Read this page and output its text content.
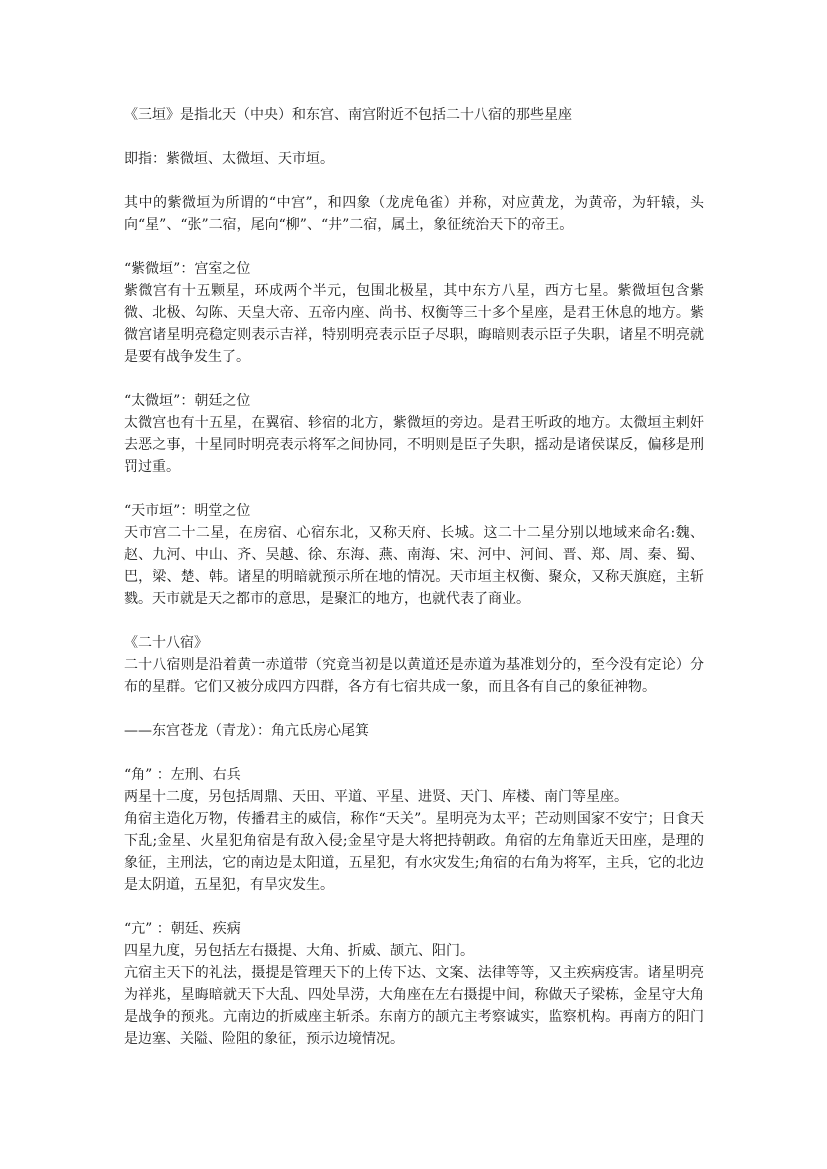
《三垣》是指北天（中央）和东宫、南宫附近不包括二十八宿的那些星座

即指：紫微垣、太微垣、天市垣。

其中的紫微垣为所谓的“中宫”，和四象（龙虎龟雀）并称，对应黄龙，为黄帝，为轩辕，头向“星”、“张”二宿，尾向“柳”、“井”二宿，属土，象征统治天下的帝王。

“紫微垣”：宫室之位
紫微宫有十五颗星，环成两个半元，包围北极星，其中东方八星，西方七星。紫微垣包含紫微、北极、勾陈、天皇大帝、五帝内座、尚书、权衡等三十多个星座，是君王休息的地方。紫微宫诸星明亮稳定则表示吉祥，特别明亮表示臣子尽职，晦暗则表示臣子失职，诸星不明亮就是要有战争发生了。
“太微垣”：朝廷之位
太微宫也有十五星，在翼宿、轸宿的北方，紫微垣的旁边。是君王听政的地方。太微垣主剌奸去恶之事，十星同时明亮表示将军之间协同，不明则是臣子失职，摇动是诸侯谋反，偏移是刑罚过重。
“天市垣”：明堂之位
天市宫二十二星，在房宿、心宿东北，又称天府、长城。这二十二星分别以地域来命名:魏、赵、九河、中山、齐、吴越、徐、东海、燕、南海、宋、河中、河间、晋、郑、周、秦、蜀、巴，梁、楚、韩。诸星的明暗就预示所在地的情况。天市垣主权衡、聚众，又称天旗庭，主斩戮。天市就是天之都市的意思，是聚汇的地方，也就代表了商业。
《二十八宿》
二十八宿则是沿着黄一赤道带（究竟当初是以黄道还是赤道为基准划分的，至今没有定论）分布的星群。它们又被分成四方四群，各方有七宿共成一象，而且各有自己的象征神物。

——东宫苍龙（青龙）：角亢氐房心尾箕

“角” ：左刑、右兵
两星十二度，另包括周鼎、天田、平道、平星、进贤、天门、库楼、南门等星座。
角宿主造化万物，传播君主的威信，称作“天关”。星明亮为太平；芒动则国家不安宁；日食天下乱;金星、火星犯角宿是有敌入侵;金星守是大将把持朝政。角宿的左角靠近天田座，是理的象征，主刑法，它的南边是太阳道，五星犯，有水灾发生;角宿的右角为将军，主兵，它的北边是太阴道，五星犯，有旱灾发生。
“亢” ：朝廷、疾病
四星九度，另包括左右摄提、大角、折威、颉亢、阳门。
亢宿主天下的礼法，摄提是管理天下的上传下达、文案、法律等等，又主疾病疫害。诸星明亮为祥兆，星晦暗就天下大乱、四处旱涝，大角座在左右摄提中间，称做天子梁栋，金星守大角是战争的预兆。亢南边的折威座主斩杀。东南方的颉亢主考察诚实，监察机构。再南方的阳门是边塞、关隘、险阻的象征，预示边境情况。
